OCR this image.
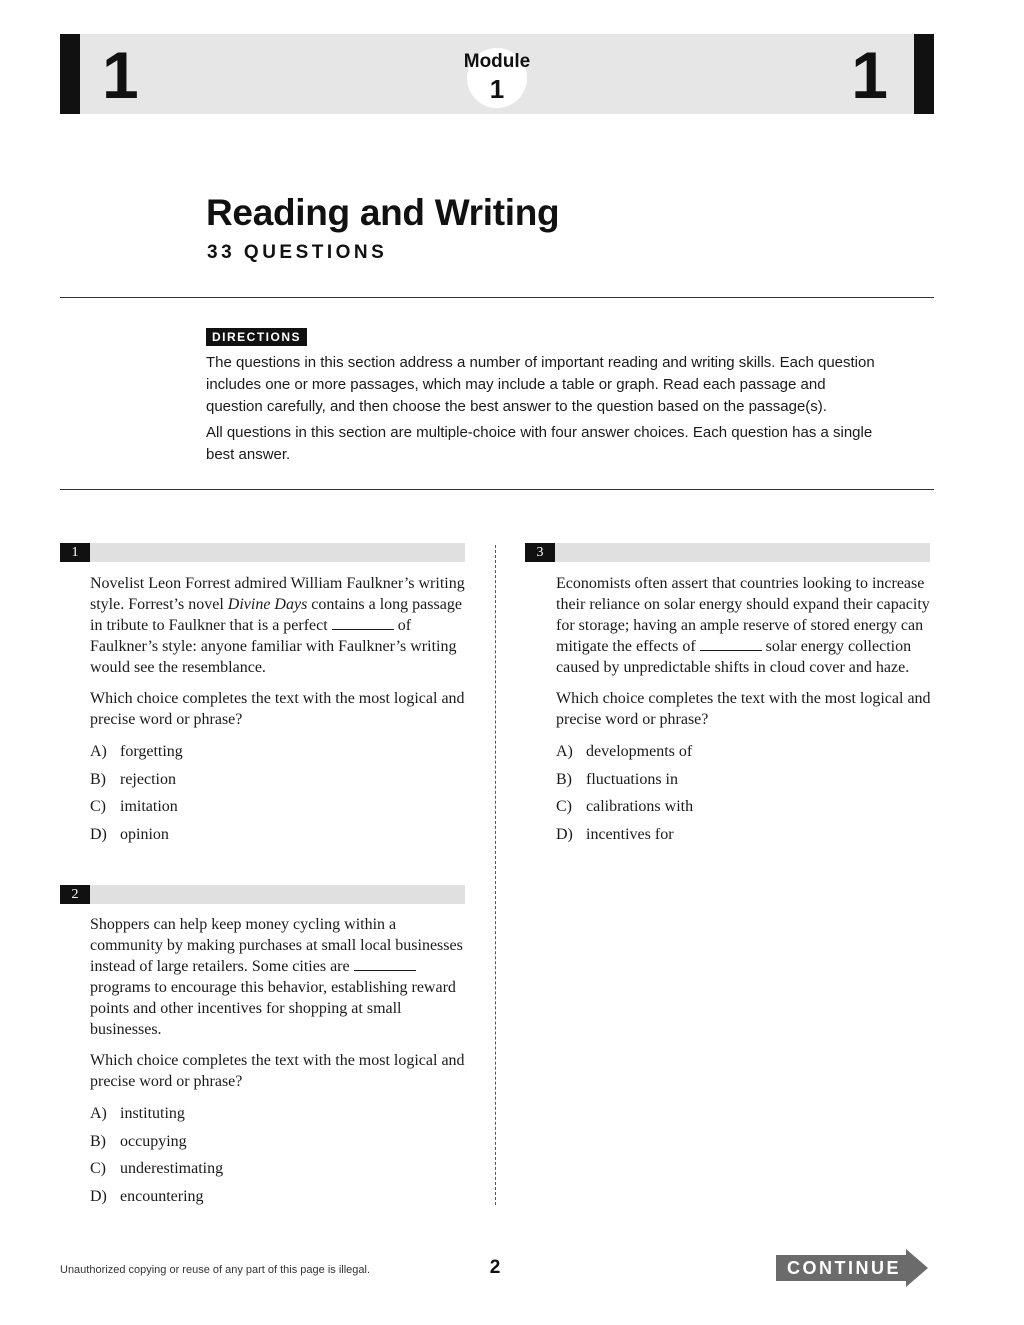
1	Module
1	1
Reading and Writing
33 QUESTIONS
DIRECTIONS

The questions in this section address a number of important reading and writing skills. Each question includes one or more passages, which may include a table or graph. Read each passage and question carefully, and then choose the best answer to the question based on the passage(s).

All questions in this section are multiple-choice with four answer choices. Each question has a single best answer.

1

Novelist Leon Forrest admired William Faulkner’s writing style. Forrest’s novel Divine Days contains a long passage in tribute to Faulkner that is a perfect	of Faulkner’s style: anyone familiar with Faulkner’s writing would see the resemblance.

Which choice completes the text with the most logical and precise word or phrase?

A) forgetting
B) rejection
C) imitation
D) opinion
2

Shoppers can help keep money cycling within a community by making purchases at small local businesses instead of large retailers. Some cities are  programs to encourage this behavior, establishing reward points and other incentives for shopping at small businesses.

Which choice completes the text with the most logical and precise word or phrase?

A) instituting
B) occupying
C) underestimating
D) encountering
3

Economists often assert that countries looking to increase their reliance on solar energy should expand their capacity for storage; having an ample reserve of stored energy can mitigate the effects of	solar energy collection caused by unpredictable shifts in cloud cover and haze.

Which choice completes the text with the most logical and precise word or phrase?

A) developments of
B) fluctuations in
C) calibrations with
D) incentives for
Unauthorized copying or reuse of any part of this page is illegal.	2	CONTINUE
